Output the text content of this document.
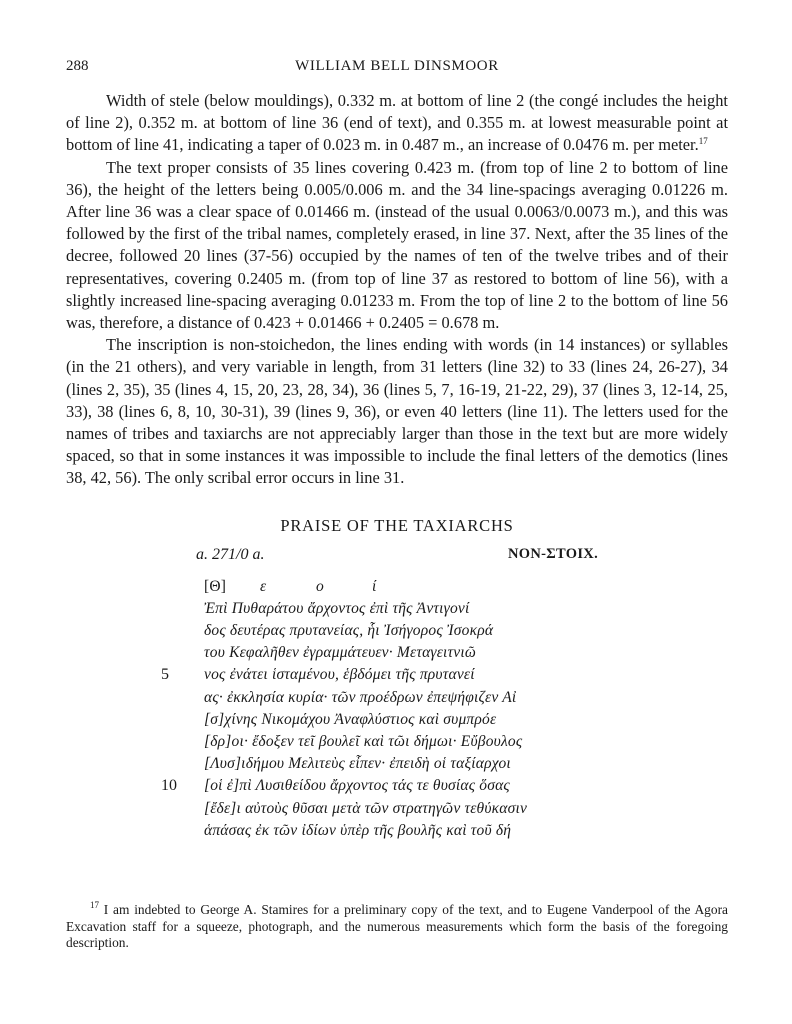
288	WILLIAM BELL DINSMOOR

Width of stele (below mouldings), 0.332 m. at bottom of line 2 (the congé includes the height of line 2), 0.352 m. at bottom of line 36 (end of text), and 0.355 m. at lowest measurable point at bottom of line 41, indicating a taper of 0.023 m. in 0.487 m., an increase of 0.0476 m. per meter.$^{17}$

The text proper consists of 35 lines covering 0.423 m. (from top of line 2 to bottom of line 36), the height of the letters being 0.005/0.006 m. and the 34 line-spacings averaging 0.01226 m. After line 36 was a clear space of 0.01466 m. (instead of the usual 0.0063/0.0073 m.), and this was followed by the first of the tribal names, completely erased, in line 37. Next, after the 35 lines of the decree, followed 20 lines (37-56) occupied by the names of ten of the twelve tribes and of their representatives, covering 0.2405 m. (from top of line 37 as restored to bottom of line 56), with a slightly increased line-spacing averaging 0.01233 m. From the top of line 2 to the bottom of line 56 was, therefore, a distance of 0.423 + 0.01466 + 0.2405 = 0.678 m.

The inscription is non-stoichedon, the lines ending with words (in 14 instances) or syllables (in the 21 others), and very variable in length, from 31 letters (line 32) to 33 (lines 24, 26-27), 34 (lines 2, 35), 35 (lines 4, 15, 20, 23, 28, 34), 36 (lines 5, 7, 16-19, 21-22, 29), 37 (lines 3, 12-14, 25, 33), 38 (lines 6, 8, 10, 30-31), 39 (lines 9, 36), or even 40 letters (line 11). The letters used for the names of tribes and taxiarchs are not appreciably larger than those in the text but are more widely spaced, so that in some instances it was impossible to include the final letters of the demotics (lines 38, 42, 56). The only scribal error occurs in line 31.

PRAISE OF THE TAXIARCHS
a. 271/0 a.	NON-ΣΤΟΙΧ.
[Θ] ε	ο	ί
Ἐπὶ Πυθαράτου ἄρχοντος ἐπὶ τῆς Ἀντιγονί
δος δευτέρας πρυτανείας, ἧι Ἰσήγορος Ἰσοκρά
του Κεφαλῆθεν ἐγραμμάτευεν· Μεταγειτνιῶ
5 νος ἐνάτει ἱσταμένου, ἑβδόμει τῆς πρυτανεί
ας· ἐκκλησία κυρία· τῶν προέδρων ἐπεψήφιζεν Αἰ
[σ]χίνης Νικομάχου Ἀναφλύστιος καὶ συμπρόε
[δρ]οι· ἔδοξεν τεῖ βουλεῖ καὶ τῶι δήμωι· Εὔβουλος
[Λυσ]ιδήμου Μελιτεὺς εἶπεν· ἐπειδὴ οἱ ταξίαρχοι
10 [οἱ ἐ]πὶ Λυσιθείδου ἄρχοντος τάς τε θυσίας ὅσας
[ἔδε]ι αὐτοὺς θῦσαι μετὰ τῶν στρατηγῶν τεθύκασιν
ἁπάσας ἐκ τῶν ἰδίων ὑπὲρ τῆς βουλῆς καὶ τοῦ δή

$^{17}$ I am indebted to George A. Stamires for a preliminary copy of the text, and to Eugene Vanderpool of the Agora Excavation staff for a squeeze, photograph, and the numerous measurements which form the basis of the foregoing description.
